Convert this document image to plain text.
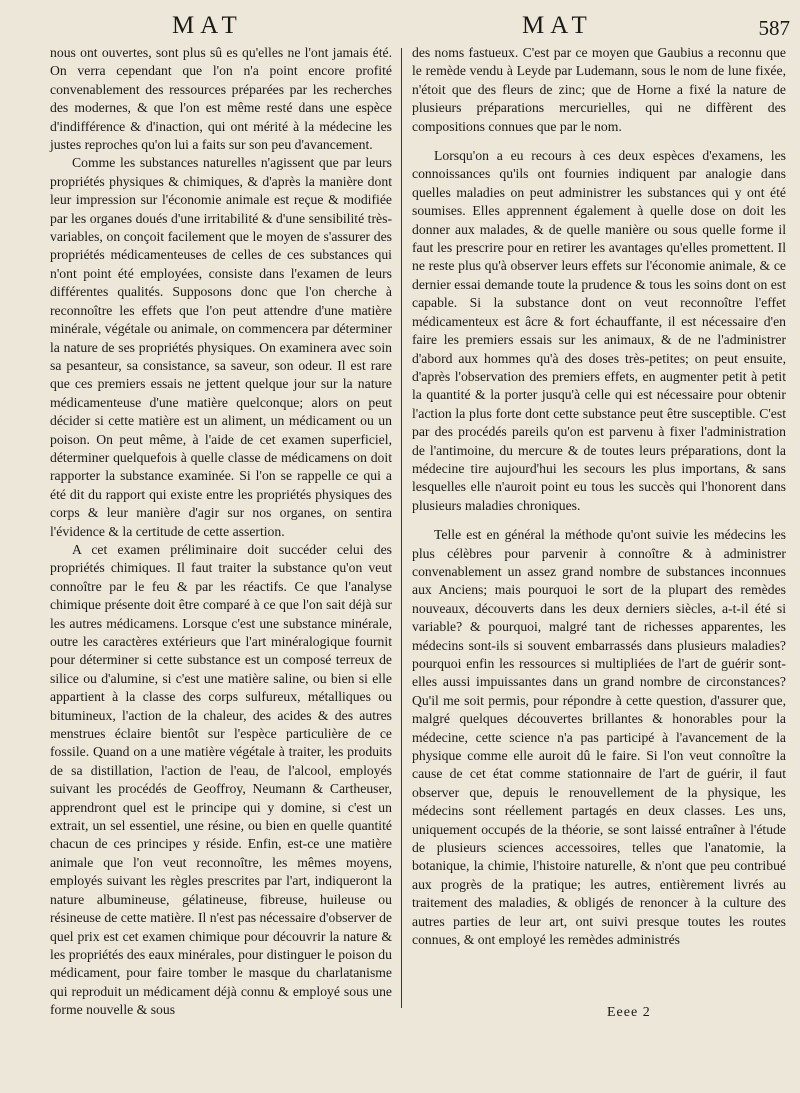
MAT	MAT	587

nous ont ouvertes, sont plus sû es qu'elles ne l'ont jamais été. On verra cependant que l'on n'a point encore profité convenablement des ressources préparées par les recherches des modernes, & que l'on est même resté dans une espèce d'indifférence & d'inaction, qui ont mérité à la médecine les justes reproches qu'on lui a faits sur son peu d'avancement.

Comme les substances naturelles n'agissent que par leurs propriétés physiques & chimiques, & d'après la manière dont leur impression sur l'économie animale est reçue & modifiée par les organes doués d'une irritabilité & d'une sensibilité très-variables, on conçoit facilement que le moyen de s'assurer des propriétés médicamenteuses de celles de ces substances qui n'ont point été employées, consiste dans l'examen de leurs différentes qualités. Supposons donc que l'on cherche à reconnoître les effets que l'on peut attendre d'une matière minérale, végétale ou animale, on commencera par déterminer la nature de ses propriétés physiques. On examinera avec soin sa pesanteur, sa consistance, sa saveur, son odeur. Il est rare que ces premiers essais ne jettent quelque jour sur la nature médicamenteuse d'une matière quelconque; alors on peut décider si cette matière est un aliment, un médicament ou un poison. On peut même, à l'aide de cet examen superficiel, déterminer quelquefois à quelle classe de médicamens on doit rapporter la substance examinée. Si l'on se rappelle ce qui a été dit du rapport qui existe entre les propriétés physiques des corps & leur manière d'agir sur nos organes, on sentira l'évidence & la certitude de cette assertion.

A cet examen préliminaire doit succéder celui des propriétés chimiques. Il faut traiter la substance qu'on veut connoître par le feu & par les réactifs. Ce que l'analyse chimique présente doit être comparé à ce que l'on sait déjà sur les autres médicamens. Lorsque c'est une substance minérale, outre les caractères extérieurs que l'art minéralogique fournit pour déterminer si cette substance est un composé terreux de silice ou d'alumine, si c'est une matière saline, ou bien si elle appartient à la classe des corps sulfureux, métalliques ou bitumineux, l'action de la chaleur, des acides & des autres menstrues éclaire bientôt sur l'espèce particulière de ce fossile. Quand on a une matière végétale à traiter, les produits de sa distillation, l'action de l'eau, de l'alcool, employés suivant les procédés de Geoffroy, Neumann & Cartheuser, apprendront quel est le principe qui y domine, si c'est un extrait, un sel essentiel, une résine, ou bien en quelle quantité chacun de ces principes y réside. Enfin, est-ce une matière animale que l'on veut reconnoître, les mêmes moyens, employés suivant les règles prescrites par l'art, indiqueront la nature albumineuse, gélatineuse, fibreuse, huileuse ou résineuse de cette matière. Il n'est pas nécessaire d'observer de quel prix est cet examen chimique pour découvrir la nature & les propriétés des eaux minérales, pour distinguer le poison du médicament, pour faire tomber le masque du charlatanisme qui reproduit un médicament déjà connu & employé sous une forme nouvelle & sous

des noms fastueux. C'est par ce moyen que Gaubius a reconnu que le remède vendu à Leyde par Ludemann, sous le nom de lune fixée, n'étoit que des fleurs de zinc; que de Horne a fixé la nature de plusieurs préparations mercurielles, qui ne diffèrent des compositions connues que par le nom.

Lorsqu'on a eu recours à ces deux espèces d'examens, les connoissances qu'ils ont fournies indiquent par analogie dans quelles maladies on peut administrer les substances qui y ont été soumises. Elles apprennent également à quelle dose on doit les donner aux malades, & de quelle manière ou sous quelle forme il faut les prescrire pour en retirer les avantages qu'elles promettent. Il ne reste plus qu'à observer leurs effets sur l'économie animale, & ce dernier essai demande toute la prudence & tous les soins dont on est capable. Si la substance dont on veut reconnoître l'effet médicamenteux est âcre & fort échauffante, il est nécessaire d'en faire les premiers essais sur les animaux, & de ne l'administrer d'abord aux hommes qu'à des doses très-petites; on peut ensuite, d'après l'observation des premiers effets, en augmenter petit à petit la quantité & la porter jusqu'à celle qui est nécessaire pour obtenir l'action la plus forte dont cette substance peut être susceptible. C'est par des procédés pareils qu'on est parvenu à fixer l'administration de l'antimoine, du mercure & de toutes leurs préparations, dont la médecine tire aujourd'hui les secours les plus importans, & sans lesquelles elle n'auroit point eu tous les succès qui l'honorent dans plusieurs maladies chroniques.

Telle est en général la méthode qu'ont suivie les médecins les plus célèbres pour parvenir à connoître & à administrer convenablement un assez grand nombre de substances inconnues aux Anciens; mais pourquoi le sort de la plupart des remèdes nouveaux, découverts dans les deux derniers siècles, a-t-il été si variable? & pourquoi, malgré tant de richesses apparentes, les médecins sont-ils si souvent embarrassés dans plusieurs maladies? pourquoi enfin les ressources si multipliées de l'art de guérir sont-elles aussi impuissantes dans un grand nombre de circonstances? Qu'il me soit permis, pour répondre à cette question, d'assurer que, malgré quelques découvertes brillantes & honorables pour la médecine, cette science n'a pas participé à l'avancement de la physique comme elle auroit dû le faire. Si l'on veut connoître la cause de cet état comme stationnaire de l'art de guérir, il faut observer que, depuis le renouvellement de la physique, les médecins sont réellement partagés en deux classes. Les uns, uniquement occupés de la théorie, se sont laissé entraîner à l'étude de plusieurs sciences accessoires, telles que l'anatomie, la botanique, la chimie, l'histoire naturelle, & n'ont que peu contribué aux progrès de la pratique; les autres, entièrement livrés au traitement des maladies, & obligés de renoncer à la culture des autres parties de leur art, ont suivi presque toutes les routes connues, & ont employé les remèdes administrés

Eeee 2
